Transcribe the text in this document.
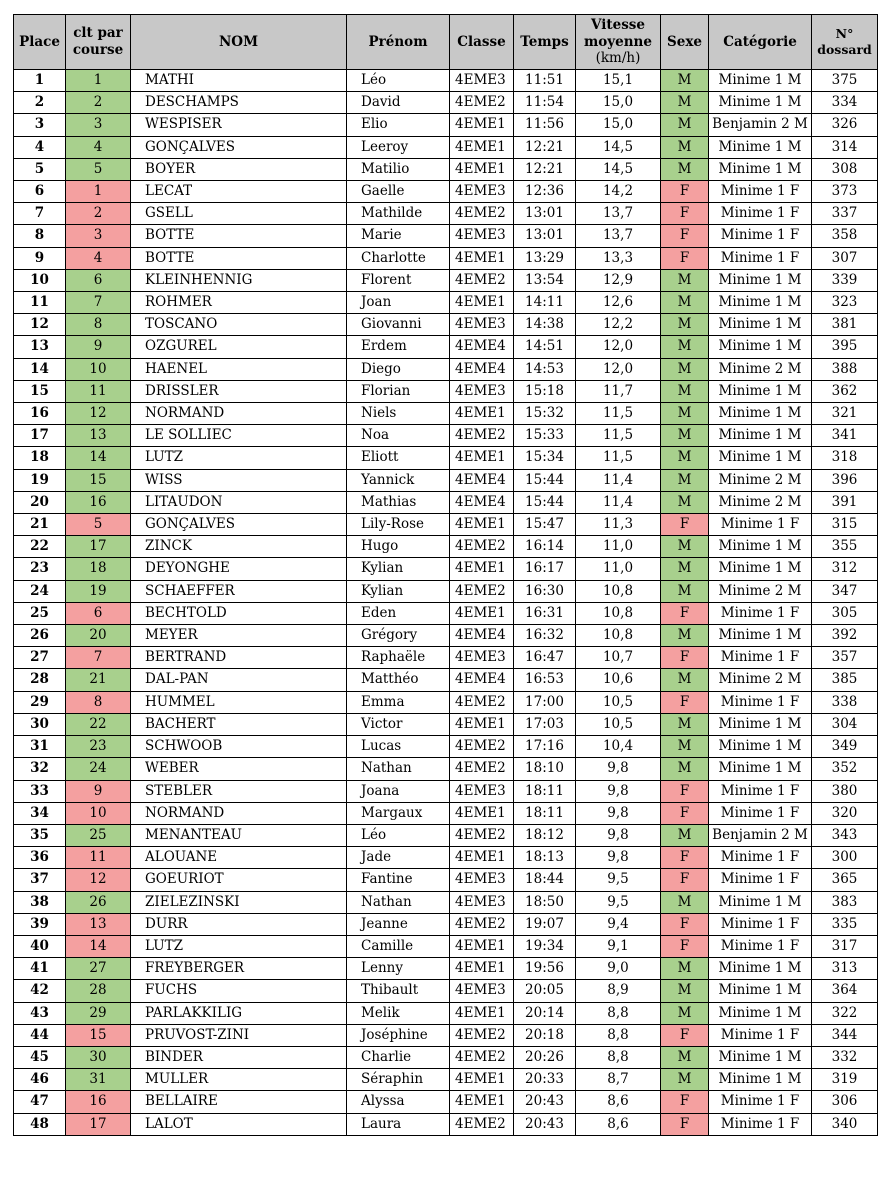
Place	clt par course	NOM	Prénom	Classe	Temps	Vitesse moyenne
(km/h)	Sexe	Catégorie	N° dossard
1	1	MATHI	Léo	4EME3	11:51	15,1	M	Minime 1 M	375
2	2	DESCHAMPS	David	4EME2	11:54	15,0	M	Minime 1 M	334
3	3	WESPISER	Elio	4EME1	11:56	15,0	M	Benjamin 2 M	326
4	4	GONÇALVES	Leeroy	4EME1	12:21	14,5	M	Minime 1 M	314
5	5	BOYER	Matilio	4EME1	12:21	14,5	M	Minime 1 M	308
6	1	LECAT	Gaelle	4EME3	12:36	14,2	F	Minime 1 F	373
7	2	GSELL	Mathilde	4EME2	13:01	13,7	F	Minime 1 F	337
8	3	BOTTE	Marie	4EME3	13:01	13,7	F	Minime 1 F	358
9	4	BOTTE	Charlotte	4EME1	13:29	13,3	F	Minime 1 F	307
10	6	KLEINHENNIG	Florent	4EME2	13:54	12,9	M	Minime 1 M	339
11	7	ROHMER	Joan	4EME1	14:11	12,6	M	Minime 1 M	323
12	8	TOSCANO	Giovanni	4EME3	14:38	12,2	M	Minime 1 M	381
13	9	OZGUREL	Erdem	4EME4	14:51	12,0	M	Minime 1 M	395
14	10	HAENEL	Diego	4EME4	14:53	12,0	M	Minime 2 M	388
15	11	DRISSLER	Florian	4EME3	15:18	11,7	M	Minime 1 M	362
16	12	NORMAND	Niels	4EME1	15:32	11,5	M	Minime 1 M	321
17	13	LE SOLLIEC	Noa	4EME2	15:33	11,5	M	Minime 1 M	341
18	14	LUTZ	Eliott	4EME1	15:34	11,5	M	Minime 1 M	318
19	15	WISS	Yannick	4EME4	15:44	11,4	M	Minime 2 M	396
20	16	LITAUDON	Mathias	4EME4	15:44	11,4	M	Minime 2 M	391
21	5	GONÇALVES	Lily-Rose	4EME1	15:47	11,3	F	Minime 1 F	315
22	17	ZINCK	Hugo	4EME2	16:14	11,0	M	Minime 1 M	355
23	18	DEYONGHE	Kylian	4EME1	16:17	11,0	M	Minime 1 M	312
24	19	SCHAEFFER	Kylian	4EME2	16:30	10,8	M	Minime 2 M	347
25	6	BECHTOLD	Eden	4EME1	16:31	10,8	F	Minime 1 F	305
26	20	MEYER	Grégory	4EME4	16:32	10,8	M	Minime 1 M	392
27	7	BERTRAND	Raphaële	4EME3	16:47	10,7	F	Minime 1 F	357
28	21	DAL-PAN	Matthéo	4EME4	16:53	10,6	M	Minime 2 M	385
29	8	HUMMEL	Emma	4EME2	17:00	10,5	F	Minime 1 F	338
30	22	BACHERT	Victor	4EME1	17:03	10,5	M	Minime 1 M	304
31	23	SCHWOOB	Lucas	4EME2	17:16	10,4	M	Minime 1 M	349
32	24	WEBER	Nathan	4EME2	18:10	9,8	M	Minime 1 M	352
33	9	STEBLER	Joana	4EME3	18:11	9,8	F	Minime 1 F	380
34	10	NORMAND	Margaux	4EME1	18:11	9,8	F	Minime 1 F	320
35	25	MENANTEAU	Léo	4EME2	18:12	9,8	M	Benjamin 2 M	343
36	11	ALOUANE	Jade	4EME1	18:13	9,8	F	Minime 1 F	300
37	12	GOEURIOT	Fantine	4EME3	18:44	9,5	F	Minime 1 F	365
38	26	ZIELEZINSKI	Nathan	4EME3	18:50	9,5	M	Minime 1 M	383
39	13	DURR	Jeanne	4EME2	19:07	9,4	F	Minime 1 F	335
40	14	LUTZ	Camille	4EME1	19:34	9,1	F	Minime 1 F	317
41	27	FREYBERGER	Lenny	4EME1	19:56	9,0	M	Minime 1 M	313
42	28	FUCHS	Thibault	4EME3	20:05	8,9	M	Minime 1 M	364
43	29	PARLAKKILIG	Melik	4EME1	20:14	8,8	M	Minime 1 M	322
44	15	PRUVOST-ZINI	Joséphine	4EME2	20:18	8,8	F	Minime 1 F	344
45	30	BINDER	Charlie	4EME2	20:26	8,8	M	Minime 1 M	332
46	31	MULLER	Séraphin	4EME1	20:33	8,7	M	Minime 1 M	319
47	16	BELLAIRE	Alyssa	4EME1	20:43	8,6	F	Minime 1 F	306
48	17	LALOT	Laura	4EME2	20:43	8,6	F	Minime 1 F	340
